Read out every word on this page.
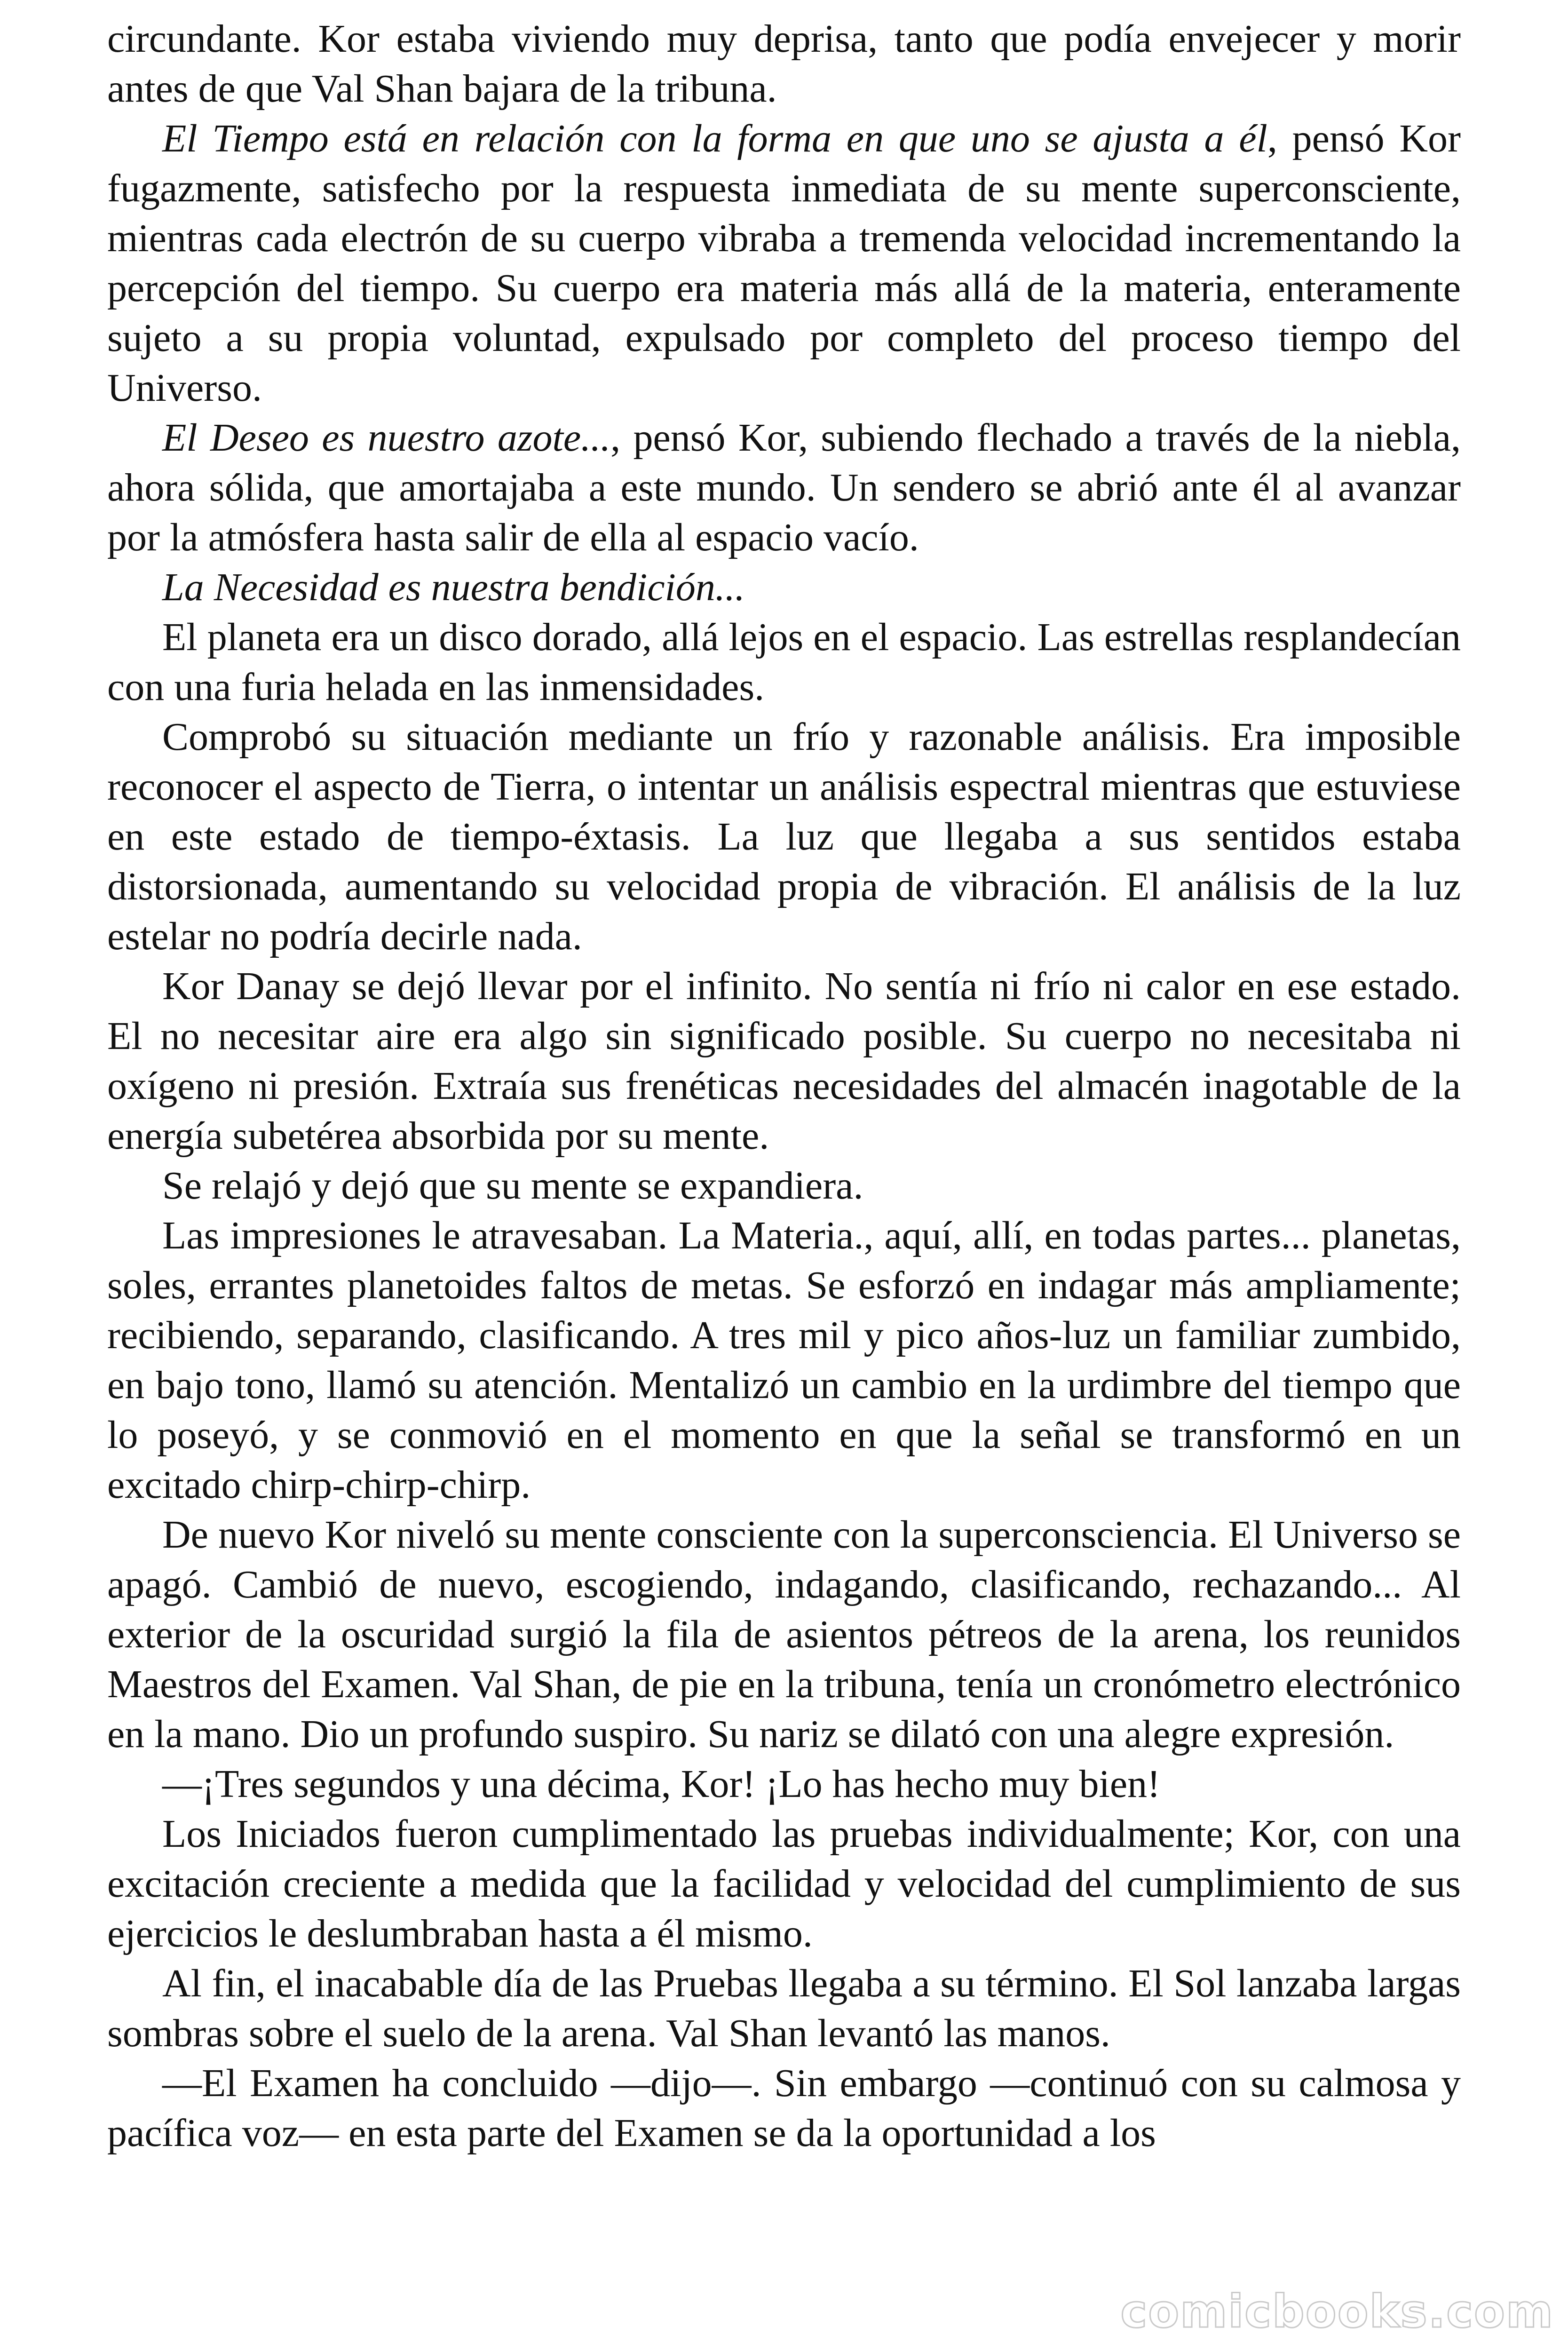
circundante. Kor estaba viviendo muy deprisa, tanto que podía envejecer y morir antes de que Val Shan bajara de la tribuna.

El Tiempo está en relación con la forma en que uno se ajusta a él, pensó Kor fugazmente, satisfecho por la respuesta inmediata de su mente superconsciente, mientras cada electrón de su cuerpo vibraba a tremenda velocidad incrementando la percepción del tiempo. Su cuerpo era materia más allá de la materia, enteramente sujeto a su propia voluntad, expulsado por completo del proceso tiempo del Universo.

El Deseo es nuestro azote..., pensó Kor, subiendo flechado a través de la niebla, ahora sólida, que amortajaba a este mundo. Un sendero se abrió ante él al avanzar por la atmósfera hasta salir de ella al espacio vacío.

La Necesidad es nuestra bendición...

El planeta era un disco dorado, allá lejos en el espacio. Las estrellas resplandecían con una furia helada en las inmensidades.

Comprobó su situación mediante un frío y razonable análisis. Era imposible reconocer el aspecto de Tierra, o intentar un análisis espectral mientras que estuviese en este estado de tiempo-éxtasis. La luz que llegaba a sus sentidos estaba distorsionada, aumentando su velocidad propia de vibración. El análisis de la luz estelar no podría decirle nada.

Kor Danay se dejó llevar por el infinito. No sentía ni frío ni calor en ese estado. El no necesitar aire era algo sin significado posible. Su cuerpo no necesitaba ni oxígeno ni presión. Extraía sus frenéticas necesidades del almacén inagotable de la energía subetérea absorbida por su mente.

Se relajó y dejó que su mente se expandiera.

Las impresiones le atravesaban. La Materia., aquí, allí, en todas partes... planetas, soles, errantes planetoides faltos de metas. Se esforzó en indagar más ampliamente; recibiendo, separando, clasificando. A tres mil y pico años-luz un familiar zumbido, en bajo tono, llamó su atención. Mentalizó un cambio en la urdimbre del tiempo que lo poseyó, y se conmovió en el momento en que la señal se transformó en un excitado chirp-chirp-chirp.

De nuevo Kor niveló su mente consciente con la superconsciencia. El Universo se apagó. Cambió de nuevo, escogiendo, indagando, clasificando, rechazando... Al exterior de la oscuridad surgió la fila de asientos pétreos de la arena, los reunidos Maestros del Examen. Val Shan, de pie en la tribuna, tenía un cronómetro electrónico en la mano. Dio un profundo suspiro. Su nariz se dilató con una alegre expresión.

—¡Tres segundos y una décima, Kor! ¡Lo has hecho muy bien!

Los Iniciados fueron cumplimentado las pruebas individualmente; Kor, con una excitación creciente a medida que la facilidad y velocidad del cumplimiento de sus ejercicios le deslumbraban hasta a él mismo.

Al fin, el inacabable día de las Pruebas llegaba a su término. El Sol lanzaba largas sombras sobre el suelo de la arena. Val Shan levantó las manos.

—El Examen ha concluido —dijo—. Sin embargo —continuó con su calmosa y pacífica voz— en esta parte del Examen se da la oportunidad a los

comicbooks.com
